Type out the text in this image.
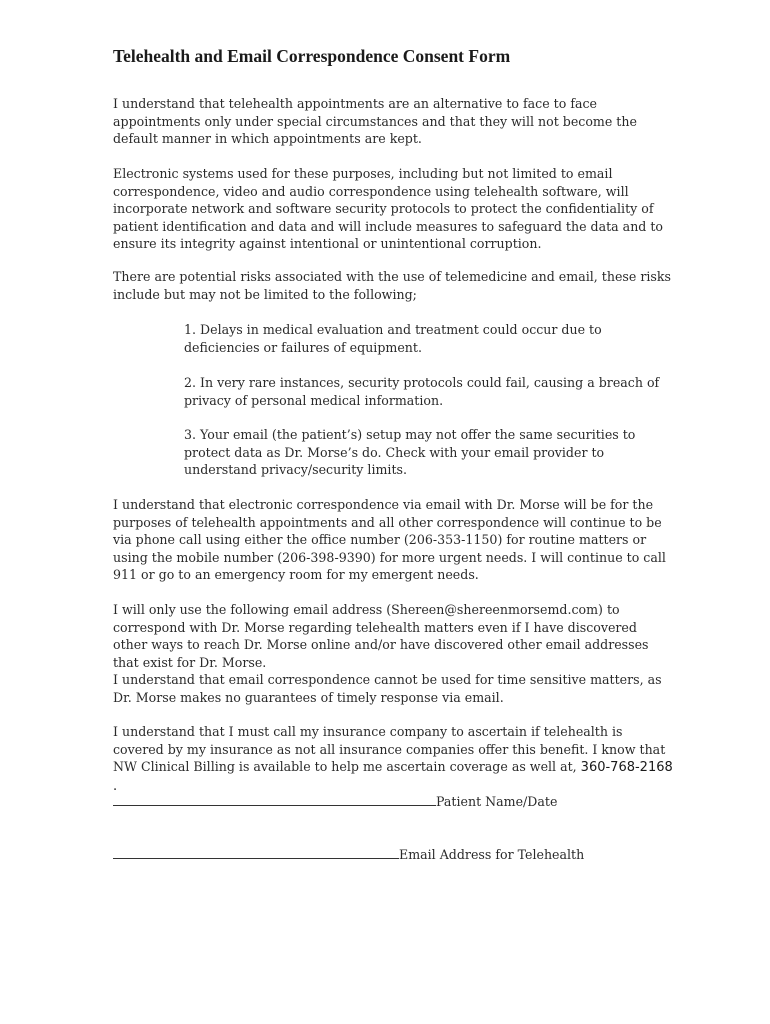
Telehealth and Email Correspondence Consent Form
I understand that telehealth appointments are an alternative to face to face appointments only under special circumstances and that they will not become the default manner in which appointments are kept.
Electronic systems used for these purposes, including but not limited to email correspondence, video and audio correspondence using telehealth software, will incorporate network and software security protocols to protect the confidentiality of patient identification and data and will include measures to safeguard the data and to ensure its integrity against intentional or unintentional corruption.
There are potential risks associated with the use of telemedicine and email, these risks include but may not be limited to the following;
1. Delays in medical evaluation and treatment could occur due to deficiencies or failures of equipment.
2. In very rare instances, security protocols could fail, causing a breach of privacy of personal medical information.
3. Your email (the patient’s) setup may not offer the same securities to protect data as Dr. Morse’s do. Check with your email provider to understand privacy/security limits.
I understand that electronic correspondence via email with Dr. Morse will be for the purposes of telehealth appointments and all other correspondence will continue to be via phone call using either the office number (206-353-1150) for routine matters or using the mobile number (206-398-9390) for more urgent needs. I will continue to call 911 or go to an emergency room for my emergent needs.
I will only use the following email address (Shereen@shereenmorsemd.com) to correspond with Dr. Morse regarding telehealth matters even if I have discovered other ways to reach Dr. Morse online and/or have discovered other email addresses that exist for Dr. Morse.
I understand that email correspondence cannot be used for time sensitive matters, as Dr. Morse makes no guarantees of timely response via email.
I understand that I must call my insurance company to ascertain if telehealth is covered by my insurance as not all insurance companies offer this benefit. I know that NW Clinical Billing is available to help me ascertain coverage as well at, 360-768-2168 .
Patient Name/Date
Email Address for Telehealth
